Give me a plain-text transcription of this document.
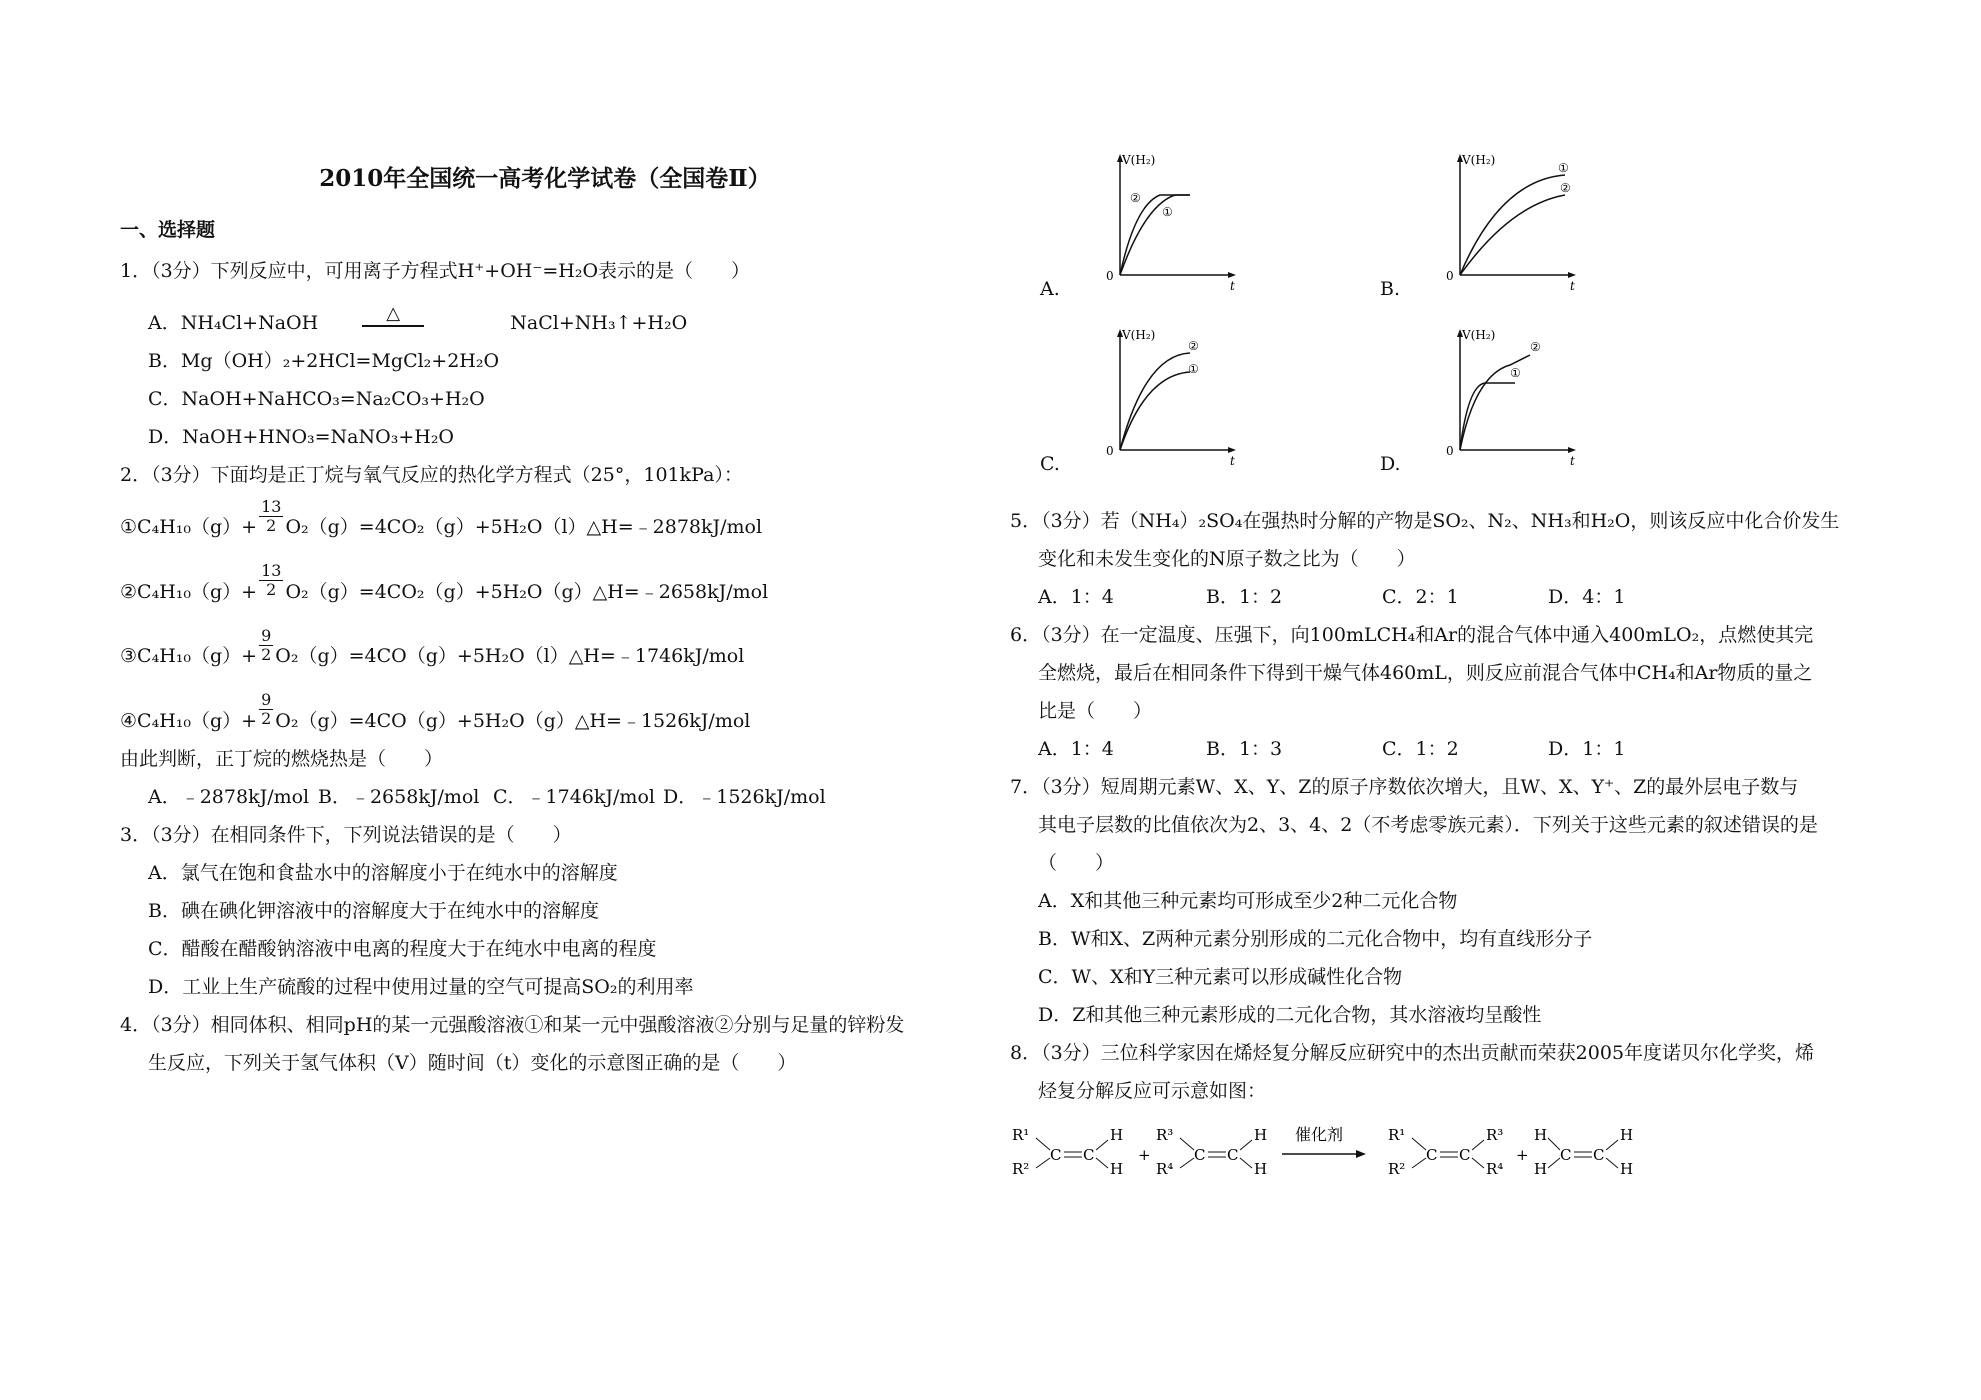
2010年全国统一高考化学试卷（全国卷Ⅱ）
一、选择题
1．（3分）下列反应中，可用离子方程式H⁺+OH⁻=H₂O表示的是（　　）
A．NH₄Cl+NaOH	△	NaCl+NH₃↑+H₂O
B．Mg（OH）₂+2HCl=MgCl₂+2H₂O
C．NaOH+NaHCO₃=Na₂CO₃+H₂O
D．NaOH+HNO₃=NaNO₃+H₂O
2．（3分）下面均是正丁烷与氧气反应的热化学方程式（25°，101kPa）：
①C₄H₁₀（g）+ $\frac{13}{2}$ O₂（g）=4CO₂（g）+5H₂O（l）△H=﹣2878kJ/mol
②C₄H₁₀（g）+ $\frac{13}{2}$ O₂（g）=4CO₂（g）+5H₂O（g）△H=﹣2658kJ/mol
③C₄H₁₀（g）+ $\frac{9}{2}$ O₂（g）=4CO（g）+5H₂O（l）△H=﹣1746kJ/mol
④C₄H₁₀（g）+ $\frac{9}{2}$ O₂（g）=4CO（g）+5H₂O（g）△H=﹣1526kJ/mol
由此判断，正丁烷的燃烧热是（　　）
A．﹣2878kJ/mol B．﹣2658kJ/mol C．﹣1746kJ/mol D．﹣1526kJ/mol
3．（3分）在相同条件下，下列说法错误的是（　　）
A．氯气在饱和食盐水中的溶解度小于在纯水中的溶解度
B．碘在碘化钾溶液中的溶解度大于在纯水中的溶解度
C．醋酸在醋酸钠溶液中电离的程度大于在纯水中电离的程度
D．工业上生产硫酸的过程中使用过量的空气可提高SO₂的利用率
4．（3分）相同体积、相同pH的某一元强酸溶液①和某一元中强酸溶液②分别与足量的锌粉发
生反应，下列关于氢气体积（V）随时间（t）变化的示意图正确的是（　　）
A.
V(H₂)
0
t
②
①
B.
V(H₂)
0
t
①
②
C.
V(H₂)
0
t
②
①
D.
V(H₂)
0
t
②
①
5．（3分）若（NH₄）₂SO₄在强热时分解的产物是SO₂、N₂、NH₃和H₂O，则该反应中化合价发生
变化和未发生变化的N原子数之比为（　　）
A．1：4	B．1：2	C．2：1	D．4：1
6．（3分）在一定温度、压强下，向100mLCH₄和Ar的混合气体中通入400mLO₂，点燃使其完
全燃烧，最后在相同条件下得到干燥气体460mL，则反应前混合气体中CH₄和Ar物质的量之
比是（　　）
A．1：4	B．1：3	C．1：2	D．1：1
7．（3分）短周期元素W、X、Y、Z的原子序数依次增大，且W、X、Y⁺、Z的最外层电子数与
其电子层数的比值依次为2、3、4、2（不考虑零族元素）．下列关于这些元素的叙述错误的是
（　　）
A．X和其他三种元素均可形成至少2种二元化合物
B．W和X、Z两种元素分别形成的二元化合物中，均有直线形分子
C．W、X和Y三种元素可以形成碱性化合物
D．Z和其他三种元素形成的二元化合物，其水溶液均呈酸性
8．（3分）三位科学家因在烯烃复分解反应研究中的杰出贡献而荣获2005年度诺贝尔化学奖，烯
烃复分解反应可示意如图：
R¹
R²
C C
H
H
+
R³
R⁴
C C
H
H
催化剂	R¹
R²
C C
R³
R⁴
+
H
H
C C
H
H
